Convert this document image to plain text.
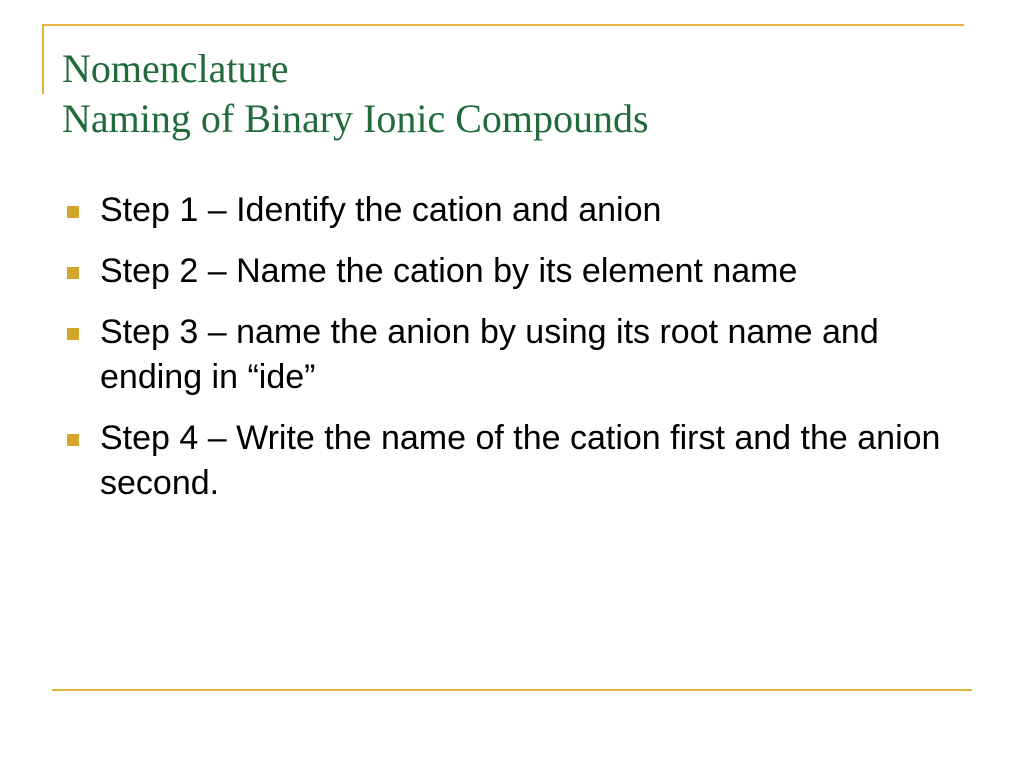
Nomenclature
Naming of Binary Ionic Compounds
Step 1 – Identify the cation and anion
Step 2 – Name the cation by its element name
Step 3 – name the anion by using its root name and ending in “ide”
Step 4 – Write the name of the cation first and the anion second.
